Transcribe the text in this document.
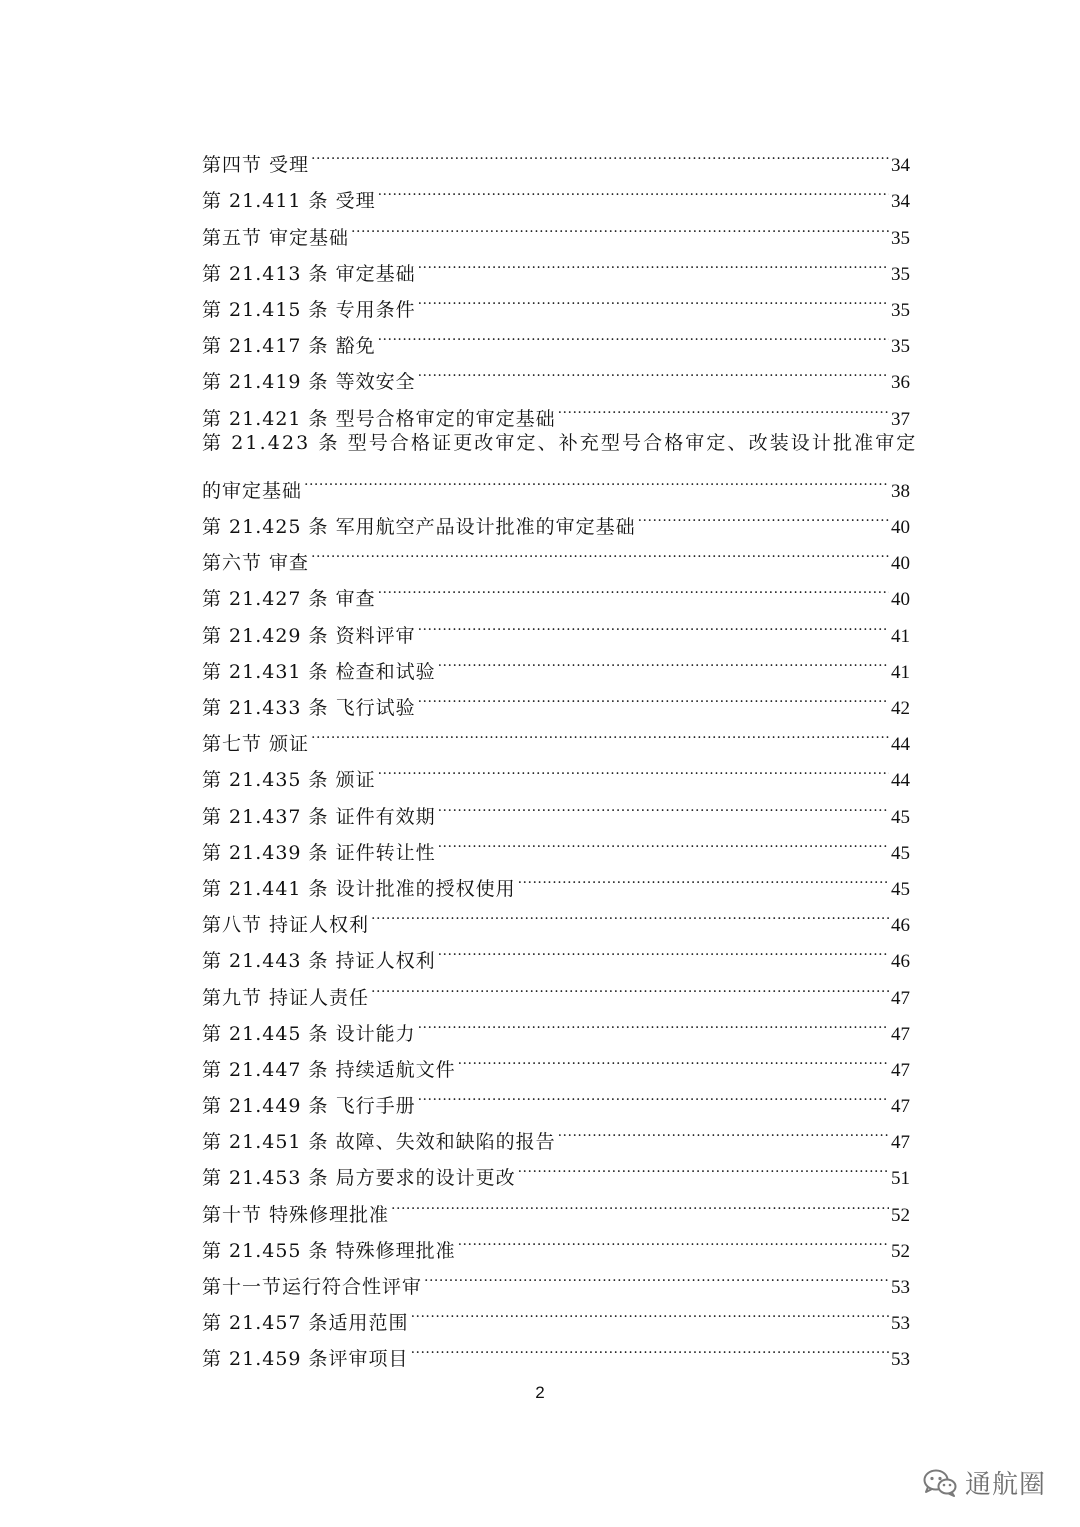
第四节 受理 .....	34
第 21.411 条 受理 .....	34
第五节 审定基础 .....	35
第 21.413 条 审定基础 .....	35
第 21.415 条 专用条件 .....	35
第 21.417 条 豁免 .....	35
第 21.419 条 等效安全 .....	36
第 21.421 条 型号合格审定的审定基础 .....	37
第 21.423 条 型号合格证更改审定、补充型号合格审定、改装设计批准审定
的审定基础 .....	38
第 21.425 条 军用航空产品设计批准的审定基础 .....	40
第六节 审查 .....	40
第 21.427 条 审查 .....	40
第 21.429 条 资料评审 .....	41
第 21.431 条 检查和试验 .....	41
第 21.433 条 飞行试验 .....	42
第七节 颁证 .....	44
第 21.435 条 颁证 .....	44
第 21.437 条 证件有效期 .....	45
第 21.439 条 证件转让性 .....	45
第 21.441 条 设计批准的授权使用 .....	45
第八节 持证人权利 .....	46
第 21.443 条 持证人权利 .....	46
第九节 持证人责任 .....	47
第 21.445 条 设计能力 .....	47
第 21.447 条 持续适航文件 .....	47
第 21.449 条 飞行手册 .....	47
第 21.451 条 故障、失效和缺陷的报告 .....	47
第 21.453 条 局方要求的设计更改 .....	51
第十节 特殊修理批准 .....	52
第 21.455 条 特殊修理批准 .....	52
第十一节运行符合性评审 .....	53
第 21.457 条适用范围 .....	53
第 21.459 条评审项目 .....	53
2
通航圈
